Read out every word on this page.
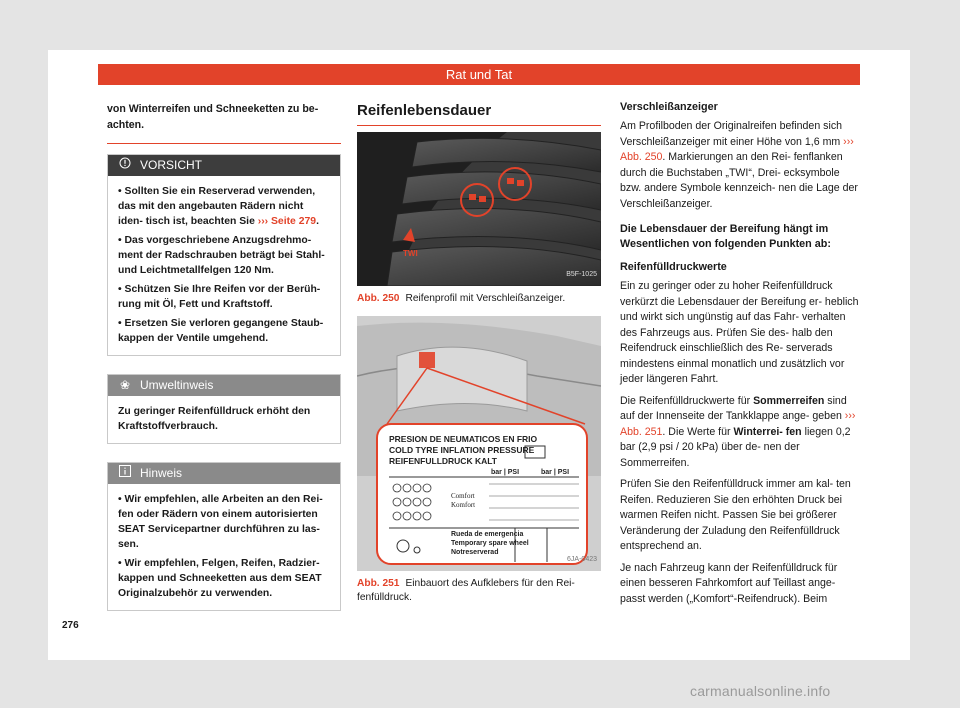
Rat und Tat
von Winterreifen und Schneeketten zu be- achten.
VORSICHT

• Sollten Sie ein Reserverad verwenden, das mit den angebauten Rädern nicht iden- tisch ist, beachten Sie ››› Seite 279.

• Das vorgeschriebene Anzugsdrehmo- ment der Radschrauben beträgt bei Stahl- und Leichtmetallfelgen 120 Nm.

• Schützen Sie Ihre Reifen vor der Berüh- rung mit Öl, Fett und Kraftstoff.

• Ersetzen Sie verloren gegangene Staub- kappen der Ventile umgehend.

❀ Umweltinweis

Zu geringer Reifenfülldruck erhöht den Kraftstoffverbrauch.

Hinweis

• Wir empfehlen, alle Arbeiten an den Rei- fen oder Rädern von einem autorisierten SEAT Servicepartner durchführen zu las- sen.

• Wir empfehlen, Felgen, Reifen, Radzier- kappen und Schneeketten aus dem SEAT Originalzubehör zu verwenden.

Reifenlebensdauer
TWI
B5F-1025
Abb. 250 Reifenprofil mit Verschleißanzeiger.
PRESION DE NEUMATICOS EN FRIO
COLD TYRE INFLATION PRESSURE
REIFENFULLDRUCK KALT
bar | PSI	bar | PSI
Comfort
Komfort
Rueda de emergencia
Temporary spare wheel
Notreserverad
6JA-0423
Abb. 251 Einbauort des Aufklebers für den Rei- fenfülldruck.
Verschleißanzeiger

Am Profilboden der Originalreifen befinden sich Verschleißanzeiger mit einer Höhe von 1,6 mm ››› Abb. 250. Markierungen an den Rei- fenflanken durch die Buchstaben „TWI“, Drei- ecksymbole bzw. andere Symbole kennzeich- nen die Lage der Verschleißanzeiger.

Die Lebensdauer der Bereifung hängt im Wesentlichen von folgenden Punkten ab:
Reifenfülldruckwerte

Ein zu geringer oder zu hoher Reifenfülldruck verkürzt die Lebensdauer der Bereifung er- heblich und wirkt sich ungünstig auf das Fahr- verhalten des Fahrzeugs aus. Prüfen Sie des- halb den Reifendruck einschließlich des Re- serverads mindestens einmal monatlich und zusätzlich vor jeder längeren Fahrt.

Die Reifenfülldruckwerte für Sommerreifen sind auf der Innenseite der Tankklappe ange- geben ››› Abb. 251. Die Werte für Winterrei- fen liegen 0,2 bar (2,9 psi / 20 kPa) über de- nen der Sommerreifen.

Prüfen Sie den Reifenfülldruck immer am kal- ten Reifen. Reduzieren Sie den erhöhten Druck bei warmen Reifen nicht. Passen Sie bei größerer Veränderung der Zuladung den Reifenfülldruck entsprechend an.

Je nach Fahrzeug kann der Reifenfülldruck für einen besseren Fahrkomfort auf Teillast ange- passt werden („Komfort“-Reifendruck). Beim

276
carmanualsonline.info
